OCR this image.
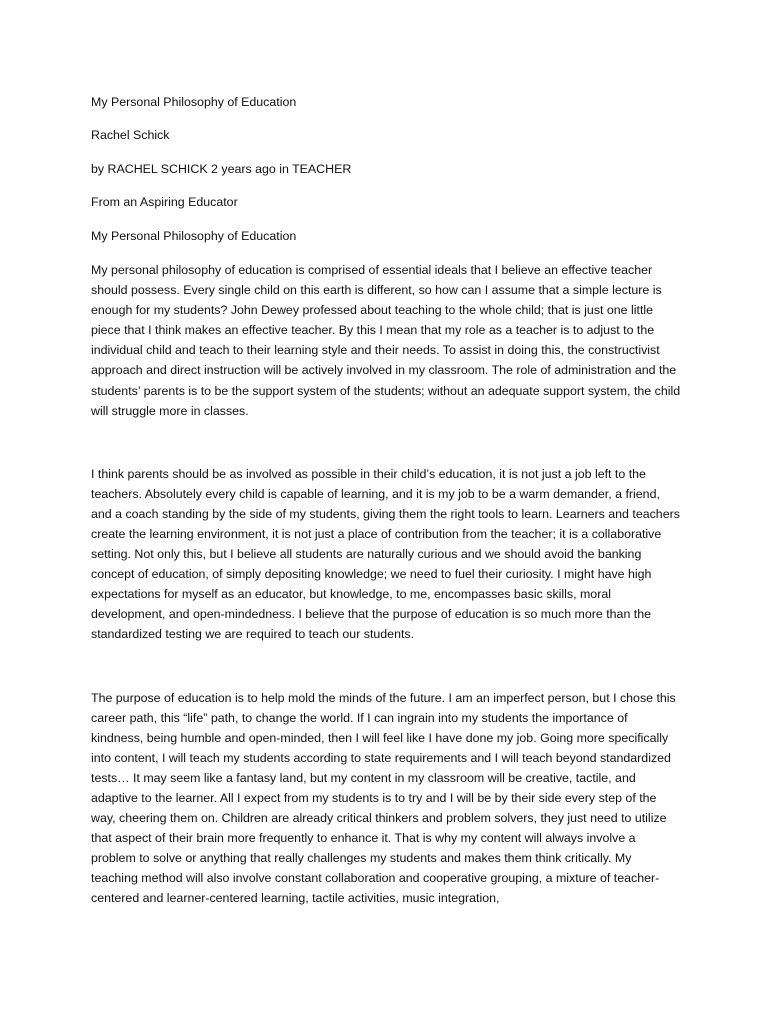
My Personal Philosophy of Education
Rachel Schick
by RACHEL SCHICK 2 years ago in TEACHER
From an Aspiring Educator
My Personal Philosophy of Education

My personal philosophy of education is comprised of essential ideals that I believe an effective teacher should possess. Every single child on this earth is different, so how can I assume that a simple lecture is enough for my students? John Dewey professed about teaching to the whole child; that is just one little piece that I think makes an effective teacher. By this I mean that my role as a teacher is to adjust to the individual child and teach to their learning style and their needs. To assist in doing this, the constructivist approach and direct instruction will be actively involved in my classroom. The role of administration and the students’ parents is to be the support system of the students; without an adequate support system, the child will struggle more in classes.

I think parents should be as involved as possible in their child’s education, it is not just a job left to the teachers. Absolutely every child is capable of learning, and it is my job to be a warm demander, a friend, and a coach standing by the side of my students, giving them the right tools to learn. Learners and teachers create the learning environment, it is not just a place of contribution from the teacher; it is a collaborative setting. Not only this, but I believe all students are naturally curious and we should avoid the banking concept of education, of simply depositing knowledge; we need to fuel their curiosity. I might have high expectations for myself as an educator, but knowledge, to me, encompasses basic skills, moral development, and open-mindedness. I believe that the purpose of education is so much more than the standardized testing we are required to teach our students.

The purpose of education is to help mold the minds of the future. I am an imperfect person, but I chose this career path, this “life” path, to change the world. If I can ingrain into my students the importance of kindness, being humble and open-minded, then I will feel like I have done my job. Going more specifically into content, I will teach my students according to state requirements and I will teach beyond standardized tests… It may seem like a fantasy land, but my content in my classroom will be creative, tactile, and adaptive to the learner. All I expect from my students is to try and I will be by their side every step of the way, cheering them on. Children are already critical thinkers and problem solvers, they just need to utilize that aspect of their brain more frequently to enhance it. That is why my content will always involve a problem to solve or anything that really challenges my students and makes them think critically. My teaching method will also involve constant collaboration and cooperative grouping, a mixture of teacher-centered and learner-centered learning, tactile activities, music integration,
